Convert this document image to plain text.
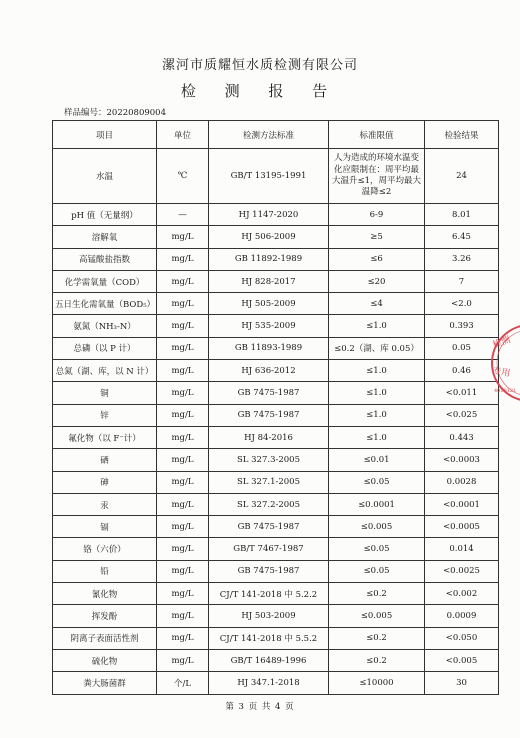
漯河市质耀恒水质检测有限公司
检 测 报 告
样品编号：20220809004
项目	单位	检测方法标准	标准限值	检验结果
水温	℃	GB/T 13195-1991	人为造成的环境水温变化应限制在：周平均最大温升≤1，周平均最大温降≤2	24
pH 值（无量纲）	—	HJ 1147-2020	6-9	8.01
溶解氧	mg/L	HJ 506-2009	≥5	6.45
高锰酸盐指数	mg/L	GB 11892-1989	≤6	3.26
化学需氧量（COD）	mg/L	HJ 828-2017	≤20	7
五日生化需氧量（BOD₅）	mg/L	HJ 505-2009	≤4	<2.0
氨氮（NH₃-N）	mg/L	HJ 535-2009	≤1.0	0.393
总磷（以 P 计）	mg/L	GB 11893-1989	≤0.2（湖、库 0.05）	0.05
总氮（湖、库，以 N 计）	mg/L	HJ 636-2012	≤1.0	0.46
铜	mg/L	GB 7475-1987	≤1.0	<0.011
锌	mg/L	GB 7475-1987	≤1.0	<0.025
氟化物（以 F⁻计）	mg/L	HJ 84-2016	≤1.0	0.443
硒	mg/L	SL 327.3-2005	≤0.01	<0.0003
砷	mg/L	SL 327.1-2005	≤0.05	0.0028
汞	mg/L	SL 327.2-2005	≤0.0001	<0.0001
镉	mg/L	GB 7475-1987	≤0.005	<0.0005
铬（六价）	mg/L	GB/T 7467-1987	≤0.05	0.014
铅	mg/L	GB 7475-1987	≤0.05	<0.0025
氰化物	mg/L	CJ/T 141-2018 中 5.2.2	≤0.2	<0.002
挥发酚	mg/L	HJ 503-2009	≤0.005	0.0009
阴离子表面活性剂	mg/L	CJ/T 141-2018 中 5.5.2	≤0.2	<0.050
硫化物	mg/L	GB/T 16489-1996	≤0.2	<0.005
粪大肠菌群	个/L	HJ 347.1-2018	≤10000	30
检测
专用
4010121
第 3 页 共 4 页
